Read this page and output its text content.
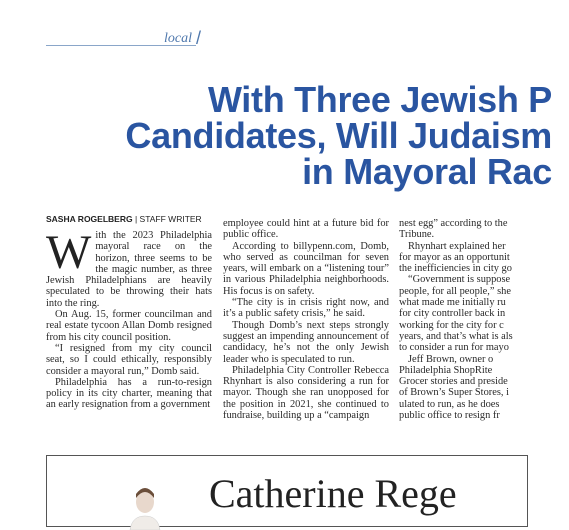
local /
With Three Jewish P
Candidates, Will Judaism
in Mayoral Rac
SASHA ROGELBERG | STAFF WRITER

With the 2023 Philadelphia mayoral race on the horizon, three seems to be the magic number, as three Jewish Philadelphians are heavily speculated to be throwing their hats into the ring.

On Aug. 15, former councilman and real estate tycoon Allan Domb resigned from his city council position.

“I resigned from my city council seat, so I could ethically, responsibly consider a mayoral run,” Domb said.

Philadelphia has a run-to-resign policy in its city charter, meaning that an early resignation from a government

employee could hint at a future bid for public office.

According to billypenn.com, Domb, who served as councilman for seven years, will embark on a “listening tour” in various Philadelphia neighborhoods. His focus is on safety.

“The city is in crisis right now, and it’s a public safety crisis,” he said.

Though Domb’s next steps strongly suggest an impending announcement of candidacy, he’s not the only Jewish leader who is speculated to run.

Philadelphia City Controller Rebecca Rhynhart is also considering a run for mayor. Though she ran unopposed for the position in 2021, she continued to fundraise, building up a “campaign

nest egg” according to the
Tribune.
Rhynhart explained her
for mayor as an opportunit
the inefficiencies in city go
“Government is suppose
people, for all people,” she
what made me initially ru
for city controller back in
working for the city for c
years, and that’s what is als
to consider a run for mayo
Jeff Brown, owner o
Philadelphia ShopRite
Grocer stories and preside
of Brown’s Super Stores, i
ulated to run, as he does
public office to resign fr
Catherine Rege
